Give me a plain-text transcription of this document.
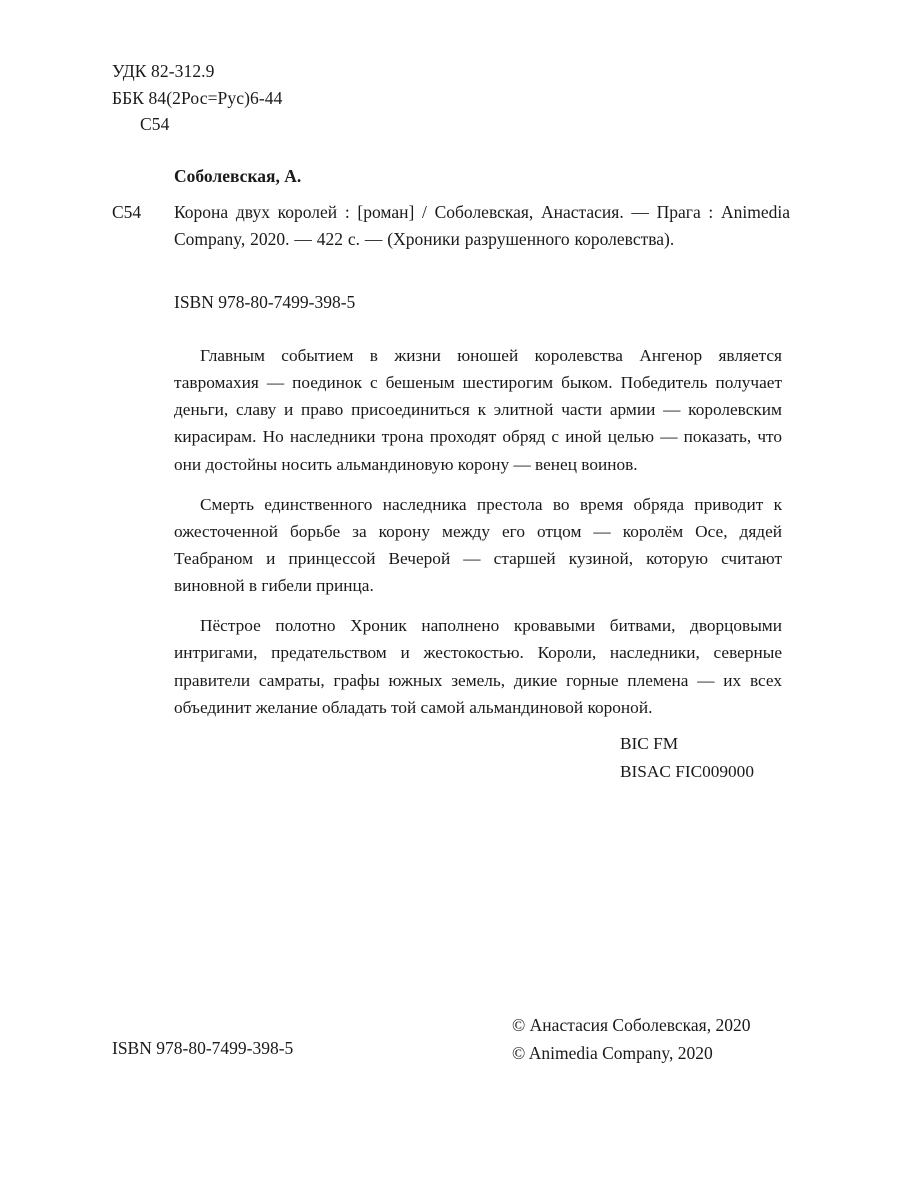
УДК 82-312.9
ББК 84(2Рос=Рус)6-44
С54
Соболевская, А.
С54 Корона двух королей : [роман] / Соболевская, Анастасия. — Прага : Animedia Company, 2020. — 422 с. — (Хроники разрушенного королевства).
ISBN 978-80-7499-398-5

Главным событием в жизни юношей королевства Ангенор является тавромахия — поединок с бешеным шестирогим быком. Победитель получает деньги, славу и право присоединиться к элитной части армии — королевским кирасирам. Но наследники трона проходят обряд с иной целью — показать, что они достойны носить альмандиновую корону — венец воинов.

Смерть единственного наследника престола во время обряда приводит к ожесточенной борьбе за корону между его отцом — королём Осе, дядей Теабраном и принцессой Вечерой — старшей кузиной, которую считают виновной в гибели принца.

Пёстрое полотно Хроник наполнено кровавыми битвами, дворцовыми интригами, предательством и жестокостью. Короли, наследники, северные правители самраты, графы южных земель, дикие горные племена — их всех объединит желание обладать той самой альмандиновой короной.

BIC FM
BISAC FIC009000
ISBN 978-80-7499-398-5
© Анастасия Соболевская, 2020
© Animedia Company, 2020
